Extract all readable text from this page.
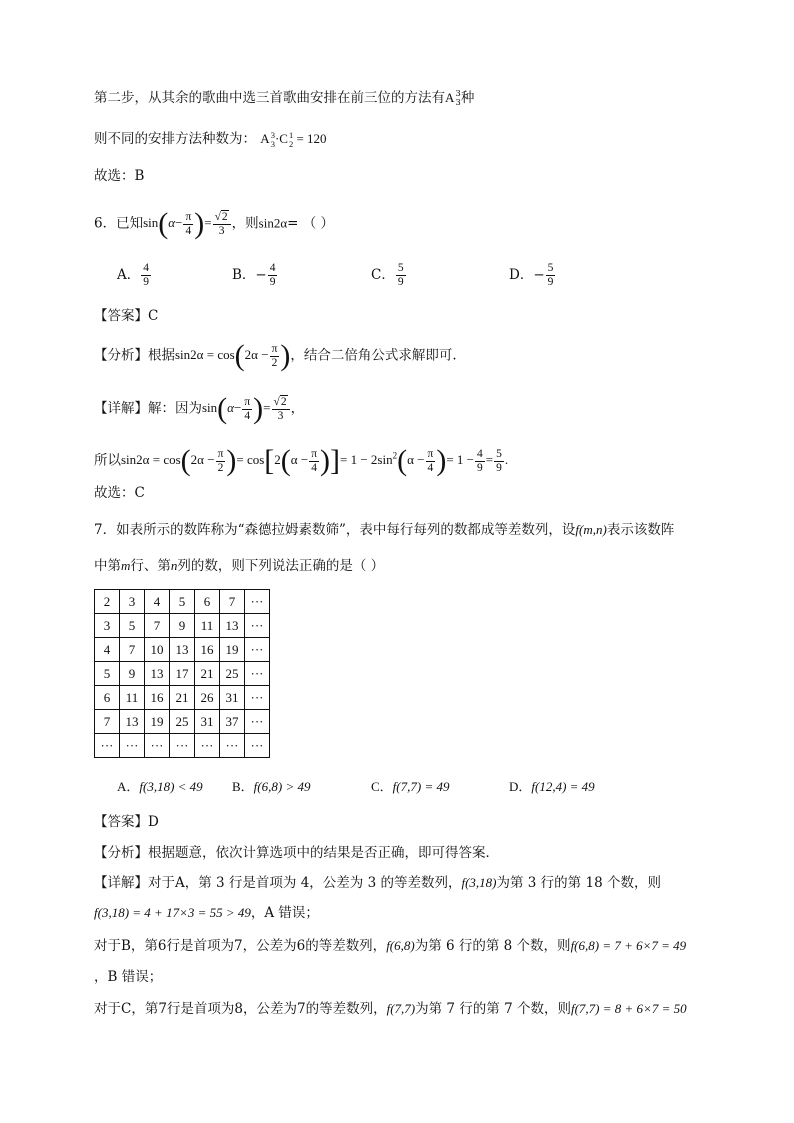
第二步，从其余的歌曲中选三首歌曲安排在前三位的方法有A 3
3 种
则不同的安排方法种数为： A 3
3 ·C 1
2 = 120
故选：B
6．已知$\sin(\alpha- \frac{\pi}{4}$ )= $\frac{√2}{3}$ ，则sin2α= （ ）
A． $\frac{4}{9}$	B．− $\frac{4}{9}$	C． $\frac{5}{9}$	D．− $\frac{5}{9}$
【答案】C
【分析】根据$\sin 2\alpha = \cos(2\alpha - \frac{\pi}{2}$ )，结合二倍角公式求解即可.
【详解】解：因为$\sin(\alpha- \frac{\pi}{4}$ )= $\frac{√2}{3}$ ，
所以$\sin 2\alpha = \cos(2\alpha - \frac{\pi}{2}$ )= $\cos[2(\alpha - \frac{\pi}{4}$ )]= $1 - 2\sin^2(\alpha - \frac{\pi}{4}$ )= $1 - \frac{4}{9} = \frac{5}{9}$ .
故选：C
7．如表所示的数阵称为“森德拉姆素数筛”，表中每行每列的数都成等差数列，设f(m,n)表示该数阵
中第m行、第n列的数，则下列说法正确的是（ ）
2	3	4	5	6	7	···
3	5	7	9	11	13	···
4	7	10	13	16	19	···
5	9	13	17	21	25	···
6	11	16	21	26	31	···
7	13	19	25	31	37	···
···	···	···	···	···	···	···
A．f(3,18) < 49 B．f(6,8) > 49	C．f(7,7) = 49	D．f(12,4) = 49
【答案】D
【分析】根据题意，依次计算选项中的结果是否正确，即可得答案．
【详解】对于A，第 3 行是首项为 4，公差为 3 的等差数列，f(3,18)为第 3 行的第 18 个数，则
f(3,18) = 4 + 17×3 = 55 > 49，A 错误；
对于B，第6行是首项为7，公差为6的等差数列，f(6,8)为第 6 行的第 8 个数，则f(6,8) = 7 + 6×7 = 49
，B 错误；
对于C，第7行是首项为8，公差为7的等差数列，f(7,7)为第 7 行的第 7 个数，则f(7,7) = 8 + 6×7 = 50
